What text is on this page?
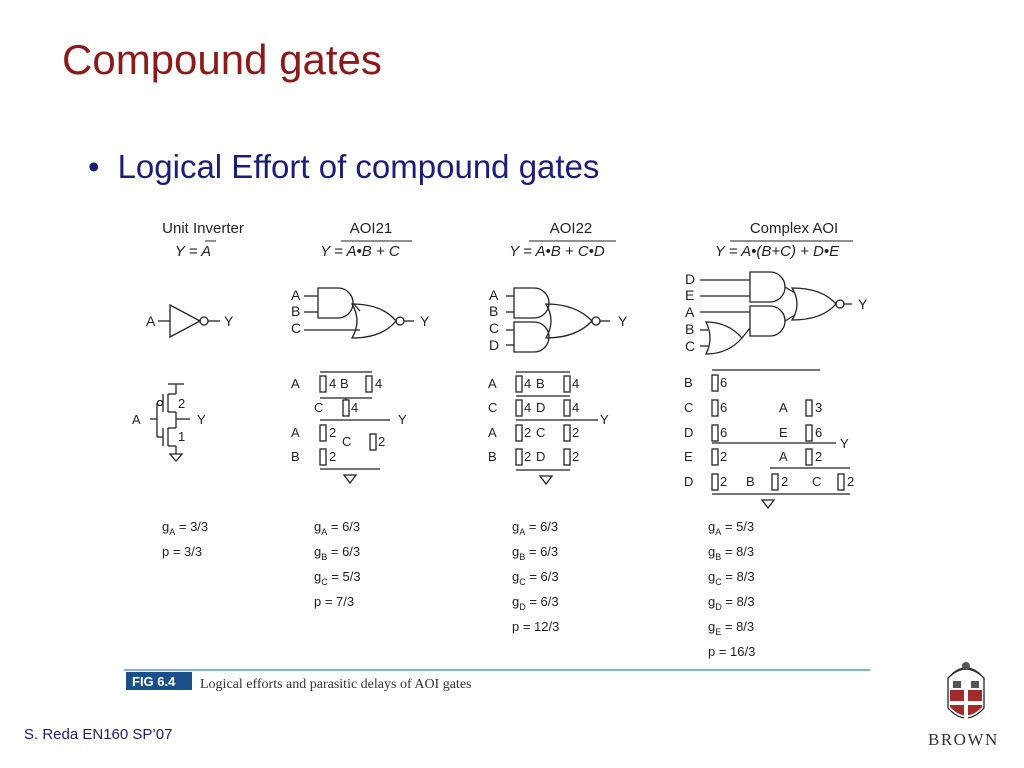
Compound gates
• Logical Effort of compound gates
Unit Inverter
Y = A
AOI21
Y = A•B + C
AOI22
Y = A•B + C•D
Complex AOI
Y = A•(B+C) + D•E
A	Y
A
B
C	Y
A
B
C
D
Y
D
E
A
B
C
Y
A	Y
2
1
A 4 B 4
C 4
Y
A 2
C 2
B 2
A 4 B 4
C 4 D 4
Y
A 2 C 2
B 2 D 2
B 6
C 6	A 3
D 6	E 6
Y
E 2	A 2
D 2 B 2 C 2
$g_A = 3/3$
p = 3/3
$g_A = 6/3$
$g_B = 6/3$
$g_C = 5/3$
p = 7/3
$g_A = 6/3$
$g_B = 6/3$
$g_C = 6/3$
$g_D = 6/3$
p = 12/3
$g_A = 5/3$
$g_B = 8/3$
$g_C = 8/3$
$g_D = 8/3$
$g_E = 8/3$
p = 16/3
FIG 6.4 Logical efforts and parasitic delays of AOI gates
BROWN
S. Reda EN160 SP’07
